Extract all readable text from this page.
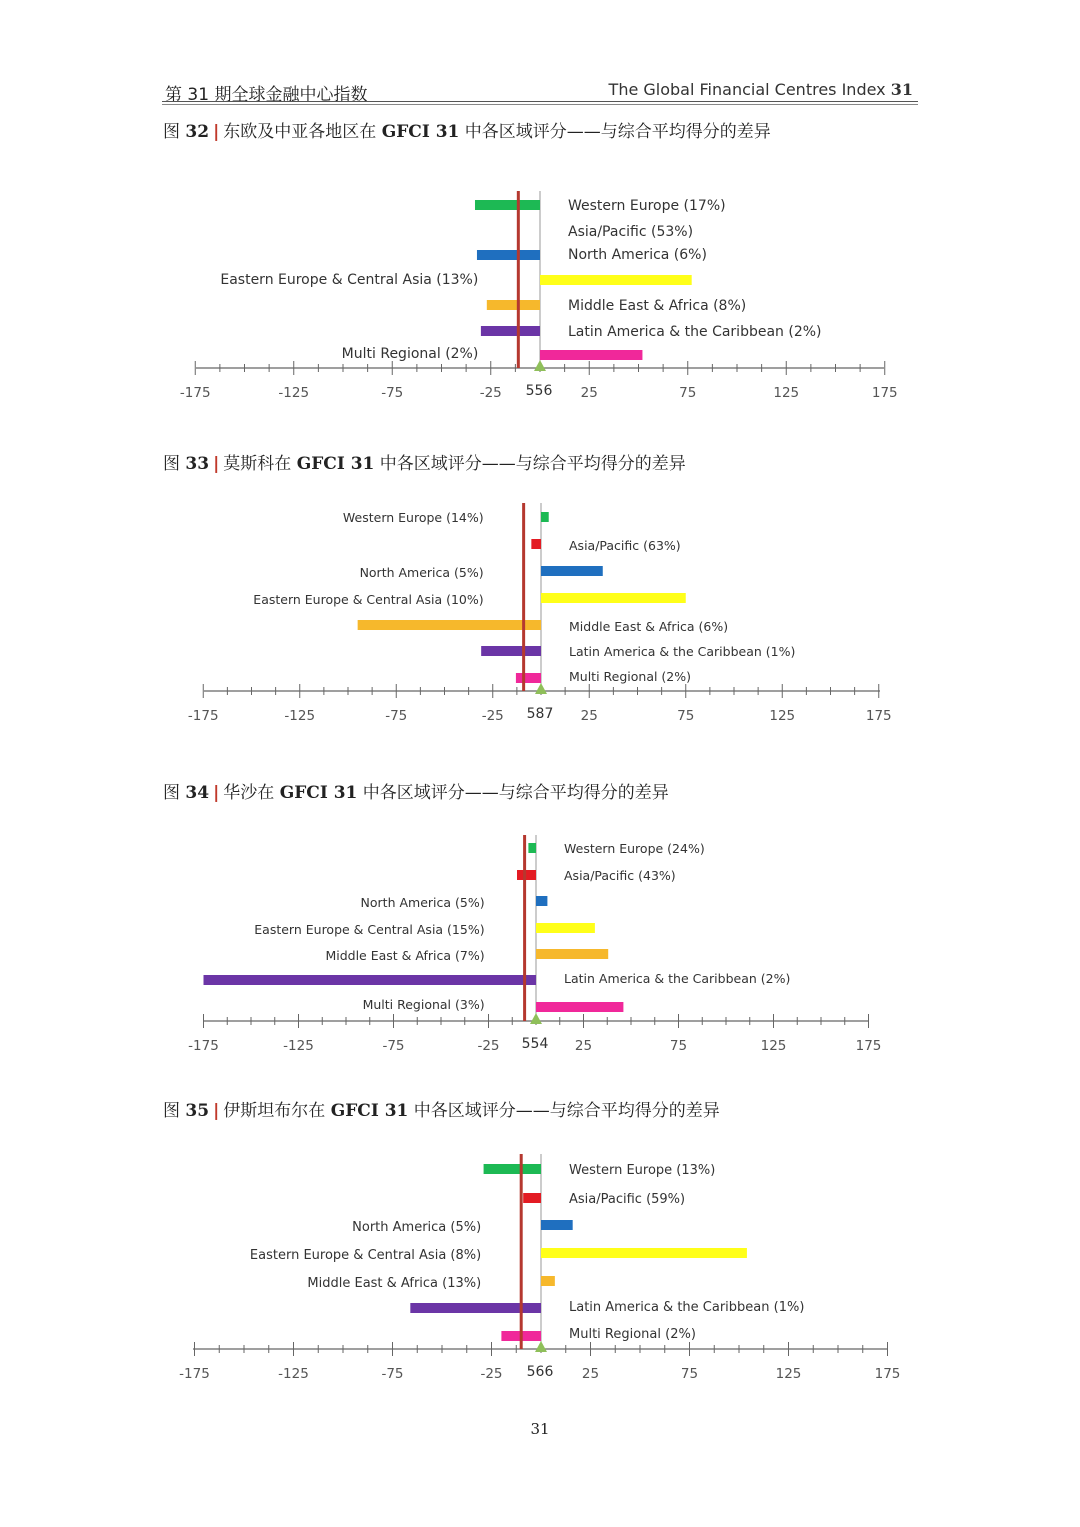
第 31 期全球金融中心指数	The Global Financial Centres Index 31
图 32 | 东欧及中亚各地区在 GFCI 31 中各区域评分——与综合平均得分的差异
-175	-125	-75	-25	25	75	125	175
556
Western Europe (17%)
Asia/Pacific (53%)
North America (6%)
Eastern Europe & Central Asia (13%)
Middle East & Africa (8%)
Latin America & the Caribbean (2%)
Multi Regional (2%)
图 33 | 莫斯科在 GFCI 31 中各区域评分——与综合平均得分的差异
-175	-125	-75	-25	25	75	125	175
587
Western Europe (14%)
Asia/Pacific (63%)
North America (5%)
Eastern Europe & Central Asia (10%)
Middle East & Africa (6%)
Latin America & the Caribbean (1%)
Multi Regional (2%)
图 34 | 华沙在 GFCI 31 中各区域评分——与综合平均得分的差异
-175	-125	-75	-25	25	75	125	175
554
Western Europe (24%)
Asia/Pacific (43%)
North America (5%)
Eastern Europe & Central Asia (15%)
Middle East & Africa (7%)
Latin America & the Caribbean (2%)
Multi Regional (3%)
图 35 | 伊斯坦布尔在 GFCI 31 中各区域评分——与综合平均得分的差异
-175	-125	-75	-25	25	75	125	175
566
Western Europe (13%)
Asia/Pacific (59%)
North America (5%)
Eastern Europe & Central Asia (8%)
Middle East & Africa (13%)
Latin America & the Caribbean (1%)
Multi Regional (2%)
31
